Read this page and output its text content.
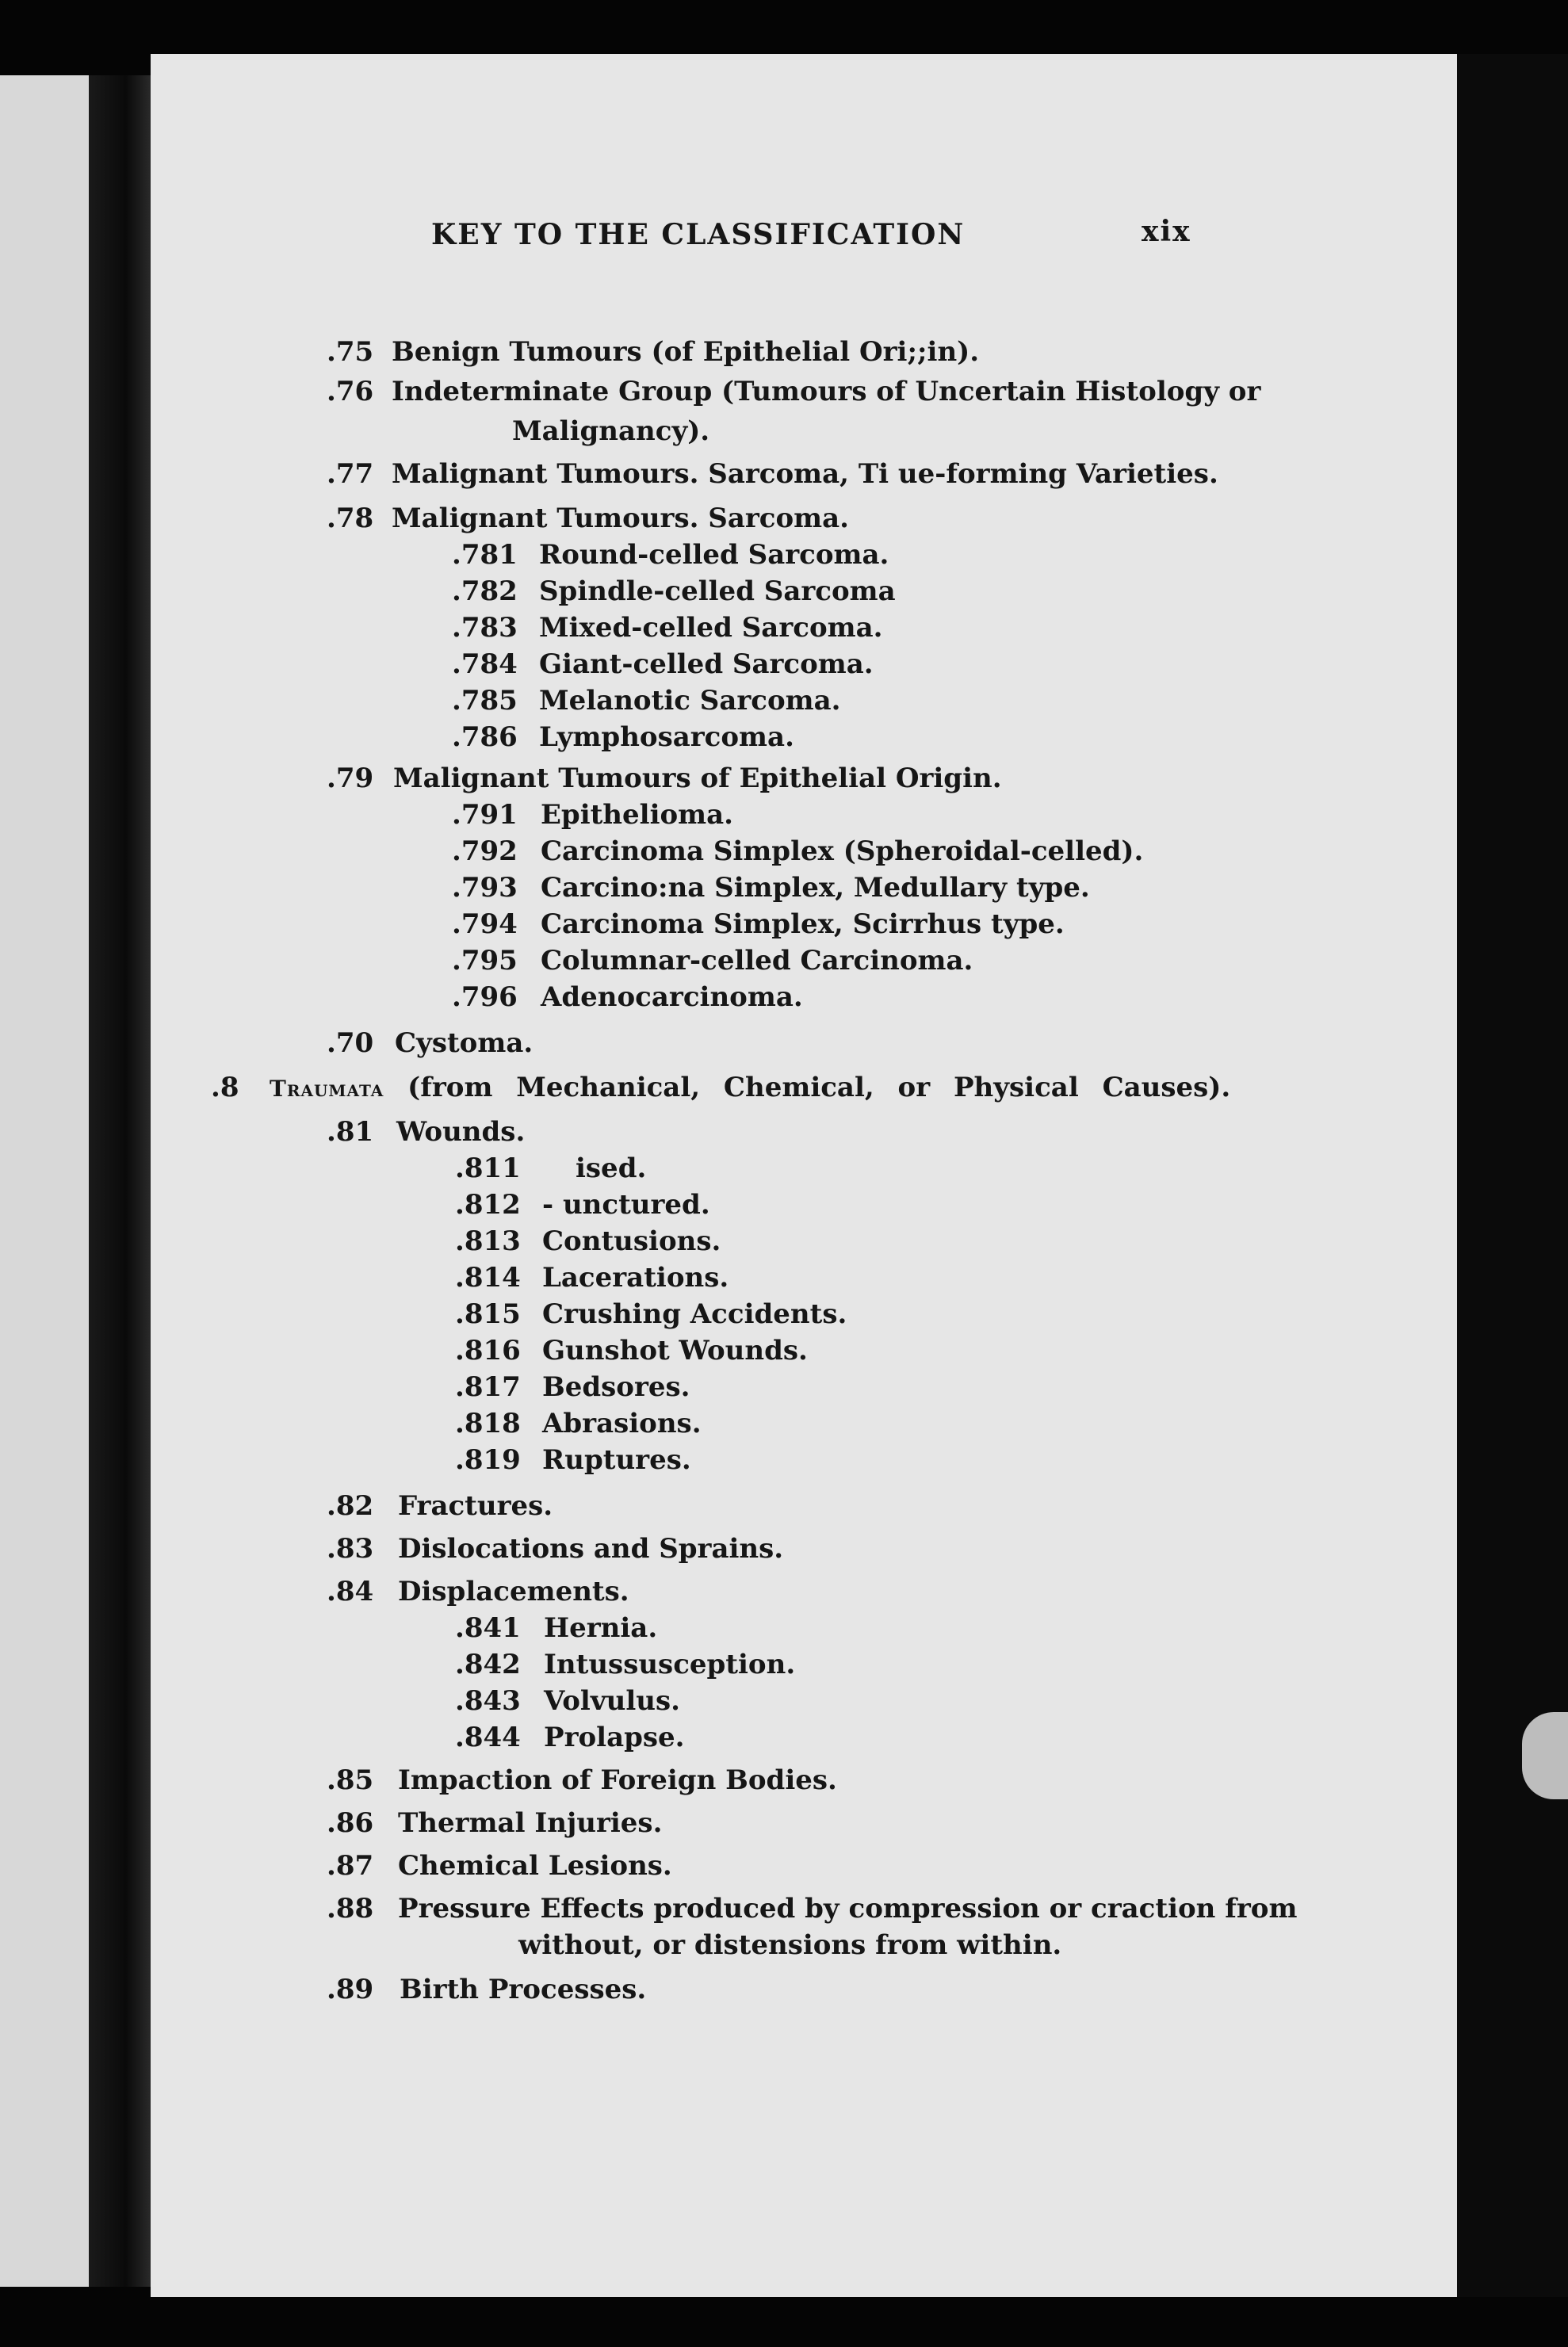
KEY TO THE CLASSIFICATION	xix
.75 Benign Tumours (of Epithelial Ori;;in).
.76 Indeterminate Group (Tumours of Uncertain Histology or
Malignancy).
.77 Malignant Tumours. Sarcoma, Ti ue-forming Varieties.
.78 Malignant Tumours. Sarcoma.
.781 Round-celled Sarcoma.
.782 Spindle-celled Sarcoma
.783 Mixed-celled Sarcoma.
.784 Giant-celled Sarcoma.
.785 Melanotic Sarcoma.
.786 Lymphosarcoma.
.79 Malignant Tumours of Epithelial Origin.
.791 Epithelioma.
.792 Carcinoma Simplex (Spheroidal-celled).
.793 Carcino:na Simplex, Medullary type.
.794 Carcinoma Simplex, Scirrhus type.
.795 Columnar-celled Carcinoma.
.796 Adenocarcinoma.
.70 Cystoma.
.8 Traumata (from Mechanical, Chemical, or Physical Causes).
.81 Wounds.
.811 ised.
.812 - unctured.
.813 Contusions.
.814 Lacerations.
.815 Crushing Accidents.
.816 Gunshot Wounds.
.817 Bedsores.
.818 Abrasions.
.819 Ruptures.
.82 Fractures.
.83 Dislocations and Sprains.
.84 Displacements.
.841 Hernia.
.842 Intussusception.
.843 Volvulus.
.844 Prolapse.
.85 Impaction of Foreign Bodies.
.86 Thermal Injuries.
.87 Chemical Lesions.
.88 Pressure Effects produced by compression or craction from
without, or distensions from within.
.89 Birth Processes.
